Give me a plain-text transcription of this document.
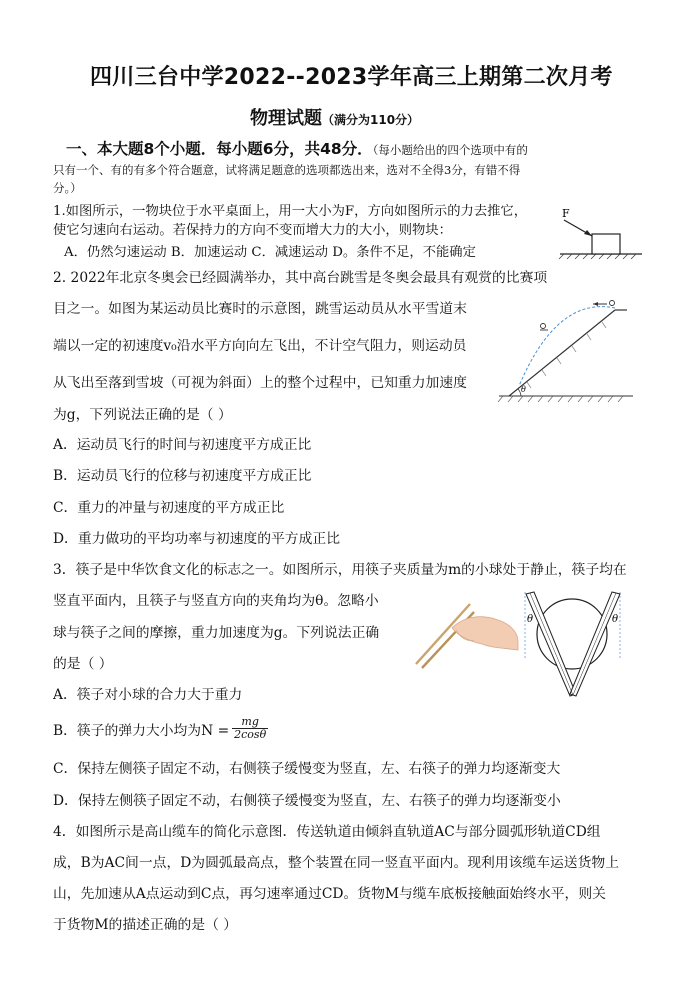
四川三台中学2022--2023学年高三上期第二次月考
物理试题（满分为110分）
一、本大题8个小题．每小题6分，共48分．（每小题给出的四个选项中有的
只有一个、有的有多个符合题意，试将满足题意的选项都选出来，选对不全得3分，有错不得
分。）
1.如图所示，一物块位于水平桌面上，用一大小为F，方向如图所示的力去推它，
使它匀速向右运动。若保持力的方向不变而增大力的大小，则物块：
A．仍然匀速运动 B．加速运动 C．减速运动 D。条件不足，不能确定
F
2. 2022年北京冬奥会已经圆满举办，其中高台跳雪是冬奥会最具有观赏的比赛项
目之一。如图为某运动员比赛时的示意图，跳雪运动员从水平雪道末
端以一定的初速度v₀沿水平方向向左飞出，不计空气阻力，则运动员
从飞出至落到雪坡（可视为斜面）上的整个过程中，已知重力加速度
为g，下列说法正确的是（ ）
θ
A．运动员飞行的时间与初速度平方成正比
B．运动员飞行的位移与初速度平方成正比
C．重力的冲量与初速度的平方成正比
D．重力做功的平均功率与初速度的平方成正比
3．筷子是中华饮食文化的标志之一。如图所示，用筷子夹质量为m的小球处于静止，筷子均在
竖直平面内，且筷子与竖直方向的夹角均为θ。忽略小
球与筷子之间的摩擦，重力加速度为g。下列说法正确
的是（ ）
θ	θ
A．筷子对小球的合力大于重力
B．筷子的弹力大小均为$N = \frac{mg}{2\cos\theta}$
C．保持左侧筷子固定不动，右侧筷子缓慢变为竖直，左、右筷子的弹力均逐渐变大
D．保持左侧筷子固定不动，右侧筷子缓慢变为竖直，左、右筷子的弹力均逐渐变小
4．如图所示是高山缆车的简化示意图．传送轨道由倾斜直轨道AC与部分圆弧形轨道CD组
成，B为AC间一点，D为圆弧最高点，整个装置在同一竖直平面内。现利用该缆车运送货物上
山，先加速从A点运动到C点，再匀速率通过CD。货物M与缆车底板接触面始终水平，则关
于货物M的描述正确的是（ ）
